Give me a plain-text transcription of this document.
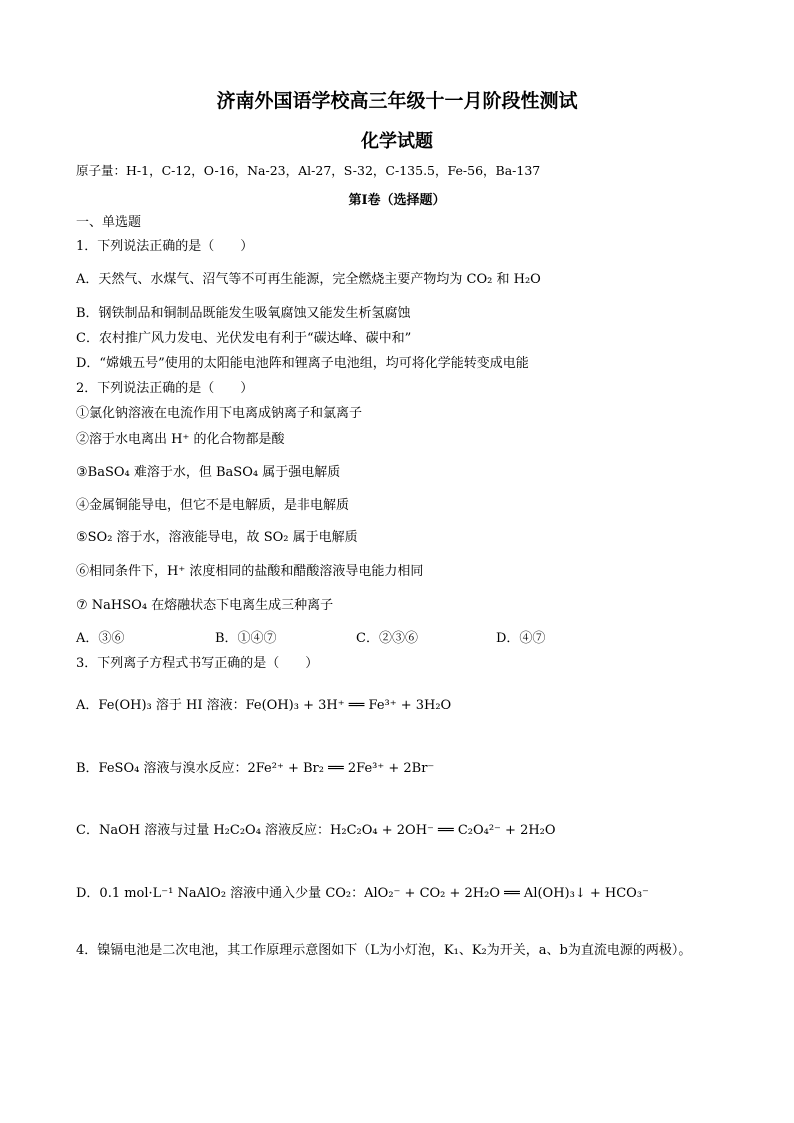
济南外国语学校高三年级十一月阶段性测试
化学试题
原子量：H-1，C-12，O-16，Na-23，Al-27，S-32，C-135.5，Fe-56，Ba-137
第Ⅰ卷（选择题）
一、单选题
1．下列说法正确的是（　　）
A．天然气、水煤气、沼气等不可再生能源，完全燃烧主要产物均为 CO₂ 和 H₂O
B．钢铁制品和铜制品既能发生吸氧腐蚀又能发生析氢腐蚀
C．农村推广风力发电、光伏发电有利于“碳达峰、碳中和”
D．“嫦娥五号”使用的太阳能电池阵和锂离子电池组，均可将化学能转变成电能
2．下列说法正确的是（　　）
①氯化钠溶液在电流作用下电离成钠离子和氯离子
②溶于水电离出 H⁺ 的化合物都是酸
③BaSO₄ 难溶于水，但 BaSO₄ 属于强电解质
④金属铜能导电，但它不是电解质，是非电解质
⑤SO₂ 溶于水，溶液能导电，故 SO₂ 属于电解质
⑥相同条件下，H⁺ 浓度相同的盐酸和醋酸溶液导电能力相同
⑦ NaHSO₄ 在熔融状态下电离生成三种离子
A．③⑥	B．①④⑦	C．②③⑥	D．④⑦
3．下列离子方程式书写正确的是（　　）
A．Fe(OH)₃ 溶于 HI 溶液：Fe(OH)₃ + 3H⁺ ══ Fe³⁺ + 3H₂O
B．FeSO₄ 溶液与溴水反应：2Fe²⁺ + Br₂ ══ 2Fe³⁺ + 2Br⁻
C．NaOH 溶液与过量 H₂C₂O₄ 溶液反应：H₂C₂O₄ + 2OH⁻ ══ C₂O₄²⁻ + 2H₂O
D．0.1 mol·L⁻¹ NaAlO₂ 溶液中通入少量 CO₂：AlO₂⁻ + CO₂ + 2H₂O ══ Al(OH)₃↓ + HCO₃⁻
4．镍镉电池是二次电池，其工作原理示意图如下（L为小灯泡，K₁、K₂为开关，a、b为直流电源的两极）。
